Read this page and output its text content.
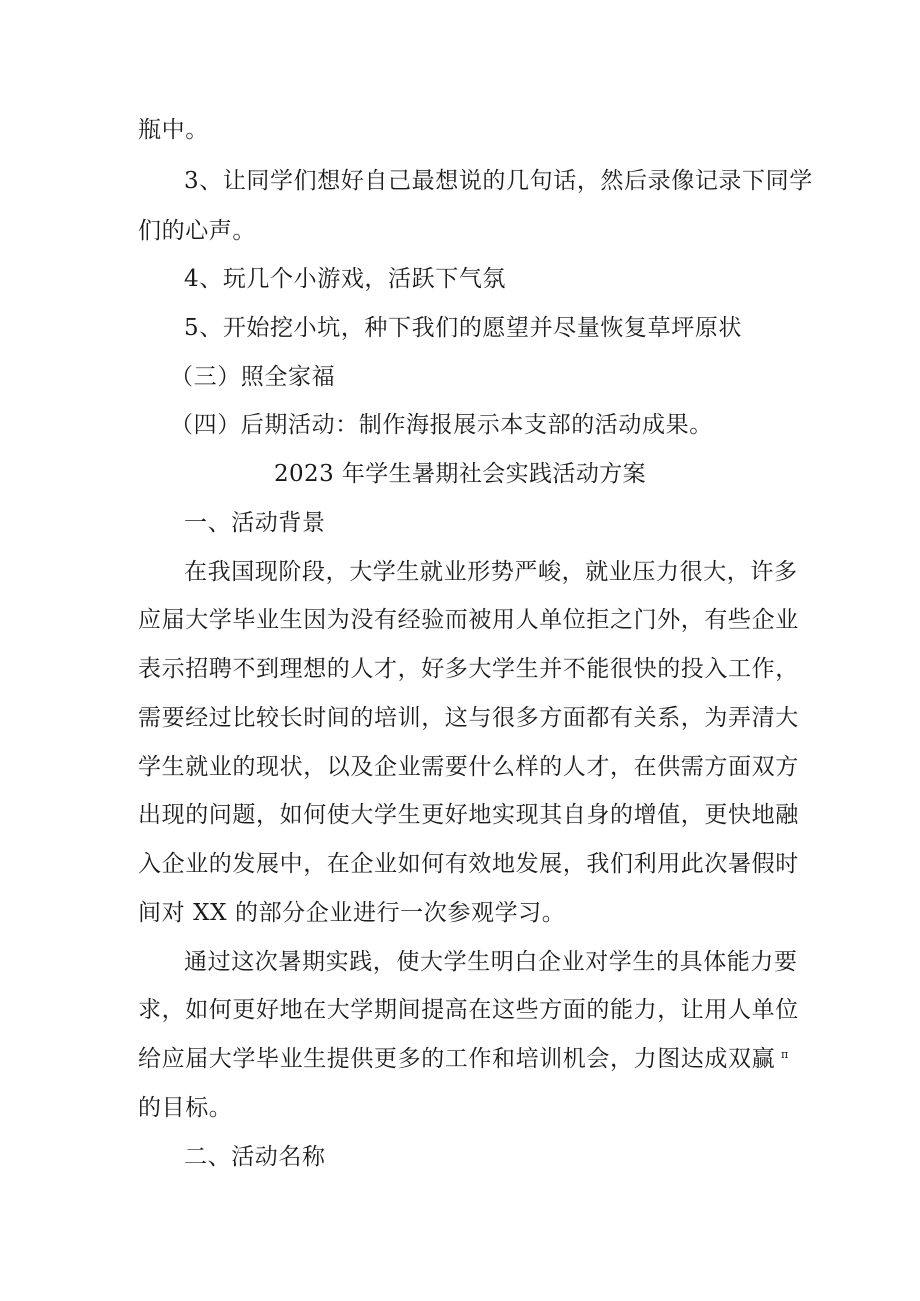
瓶中。
3、让同学们想好自己最想说的几句话，然后录像记录下同学
们的心声。
4、玩几个小游戏，活跃下气氛
5、开始挖小坑，种下我们的愿望并尽量恢复草坪原状
（三）照全家福
（四）后期活动：制作海报展示本支部的活动成果。
2023 年学生暑期社会实践活动方案
一、活动背景
在我国现阶段，大学生就业形势严峻，就业压力很大，许多
应届大学毕业生因为没有经验而被用人单位拒之门外，有些企业
表示招聘不到理想的人才，好多大学生并不能很快的投入工作，
需要经过比较长时间的培训，这与很多方面都有关系，为弄清大
学生就业的现状，以及企业需要什么样的人才，在供需方面双方
出现的问题，如何使大学生更好地实现其自身的增值，更快地融
入企业的发展中，在企业如何有效地发展，我们利用此次暑假时
间对 XX 的部分企业进行一次参观学习。
通过这次暑期实践，使大学生明白企业对学生的具体能力要
求，如何更好地在大学期间提高在这些方面的能力，让用人单位
给应届大学毕业生提供更多的工作和培训机会，力图达成双赢 $^\pi$
的目标。
二、活动名称
